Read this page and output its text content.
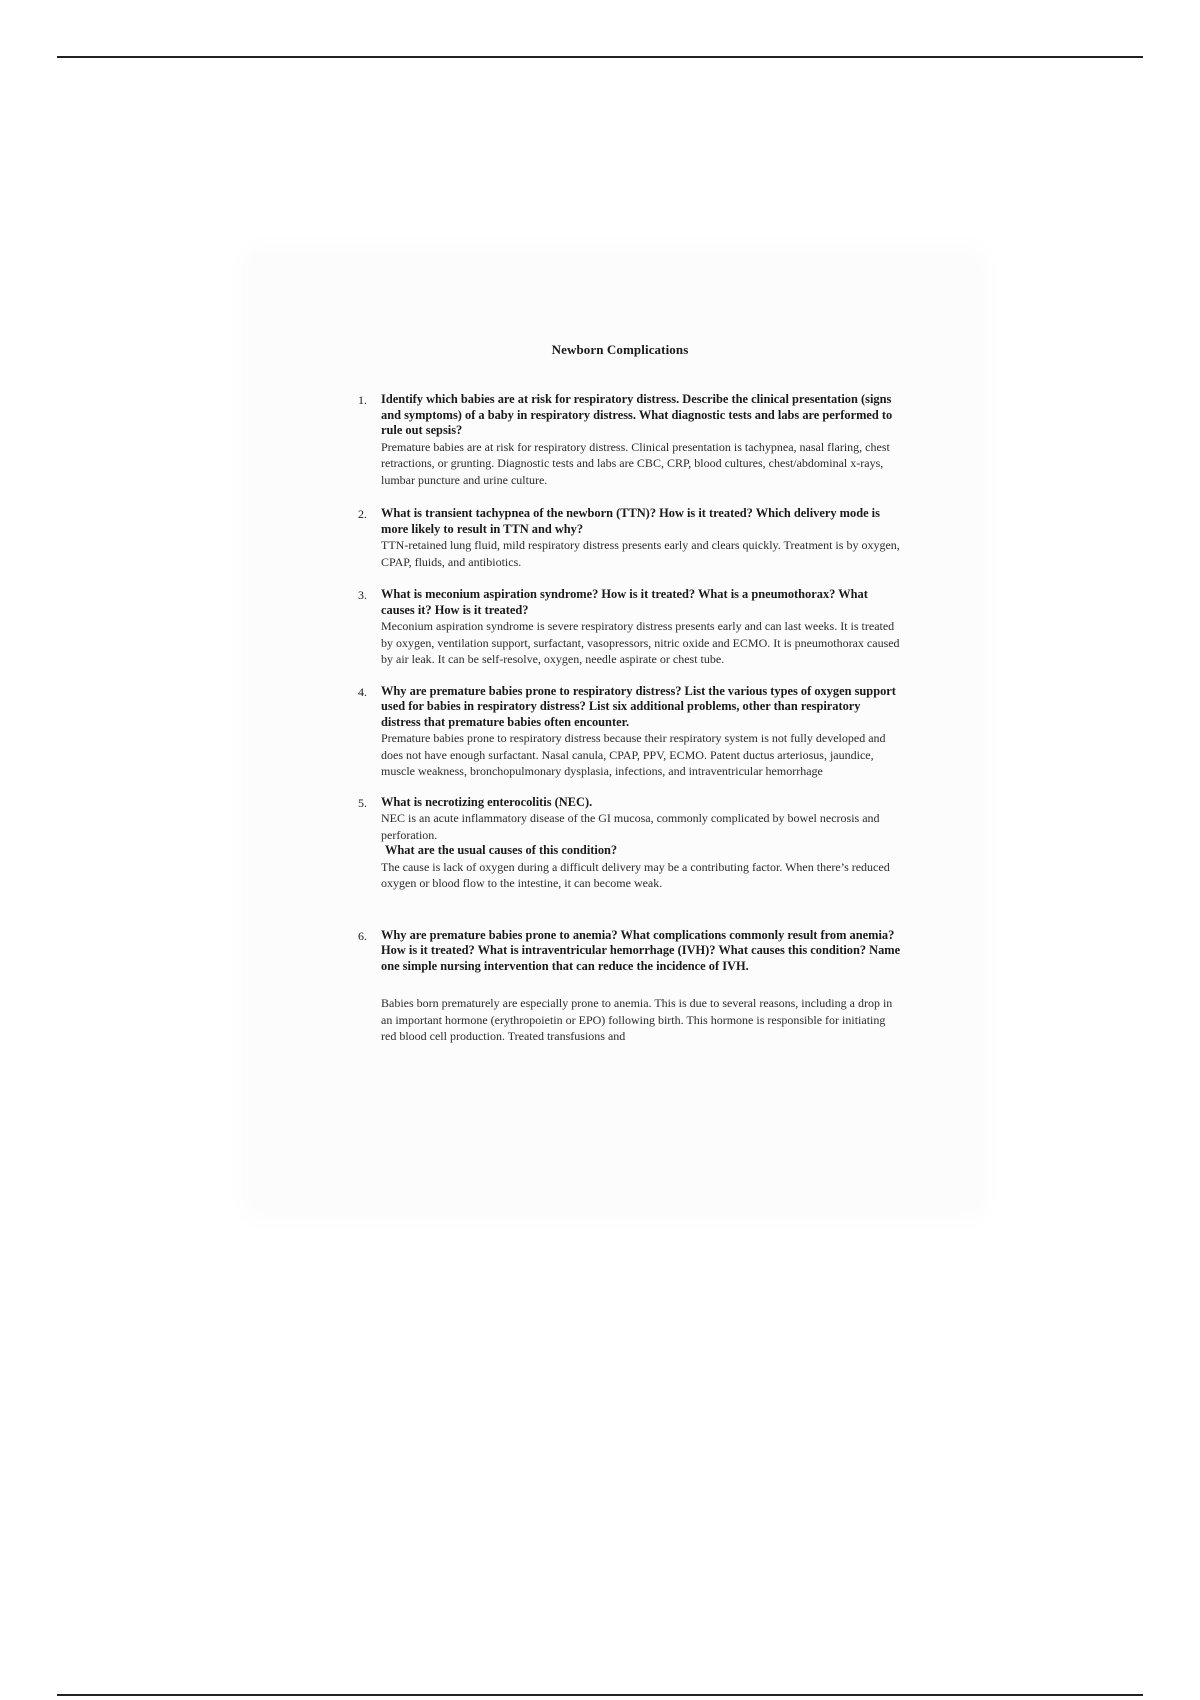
Newborn Complications
1. Identify which babies are at risk for respiratory distress. Describe the clinical presentation (signs and symptoms) of a baby in respiratory distress. What diagnostic tests and labs are performed to rule out sepsis?

Premature babies are at risk for respiratory distress. Clinical presentation is tachypnea, nasal flaring, chest retractions, or grunting. Diagnostic tests and labs are CBC, CRP, blood cultures, chest/abdominal x-rays, lumbar puncture and urine culture.

2. What is transient tachypnea of the newborn (TTN)? How is it treated? Which delivery mode is more likely to result in TTN and why?

TTN-retained lung fluid, mild respiratory distress presents early and clears quickly. Treatment is by oxygen, CPAP, fluids, and antibiotics.

3. What is meconium aspiration syndrome? How is it treated? What is a pneumothorax? What causes it? How is it treated?

Meconium aspiration syndrome is severe respiratory distress presents early and can last weeks. It is treated by oxygen, ventilation support, surfactant, vasopressors, nitric oxide and ECMO. It is pneumothorax caused by air leak. It can be self-resolve, oxygen, needle aspirate or chest tube.

4. Why are premature babies prone to respiratory distress? List the various types of oxygen support used for babies in respiratory distress? List six additional problems, other than respiratory distress that premature babies often encounter.

Premature babies prone to respiratory distress because their respiratory system is not fully developed and does not have enough surfactant. Nasal canula, CPAP, PPV, ECMO. Patent ductus arteriosus, jaundice, muscle weakness, bronchopulmonary dysplasia, infections, and intraventricular hemorrhage

5. What is necrotizing enterocolitis (NEC).

NEC is an acute inflammatory disease of the GI mucosa, commonly complicated by bowel necrosis and perforation.

What are the usual causes of this condition?

The cause is lack of oxygen during a difficult delivery may be a contributing factor. When there’s reduced oxygen or blood flow to the intestine, it can become weak.

6. Why are premature babies prone to anemia? What complications commonly result from anemia? How is it treated? What is intraventricular hemorrhage (IVH)? What causes this condition? Name one simple nursing intervention that can reduce the incidence of IVH.

Babies born prematurely are especially prone to anemia. This is due to several reasons, including a drop in an important hormone (erythropoietin or EPO) following birth. This hormone is responsible for initiating red blood cell production. Treated transfusions and
